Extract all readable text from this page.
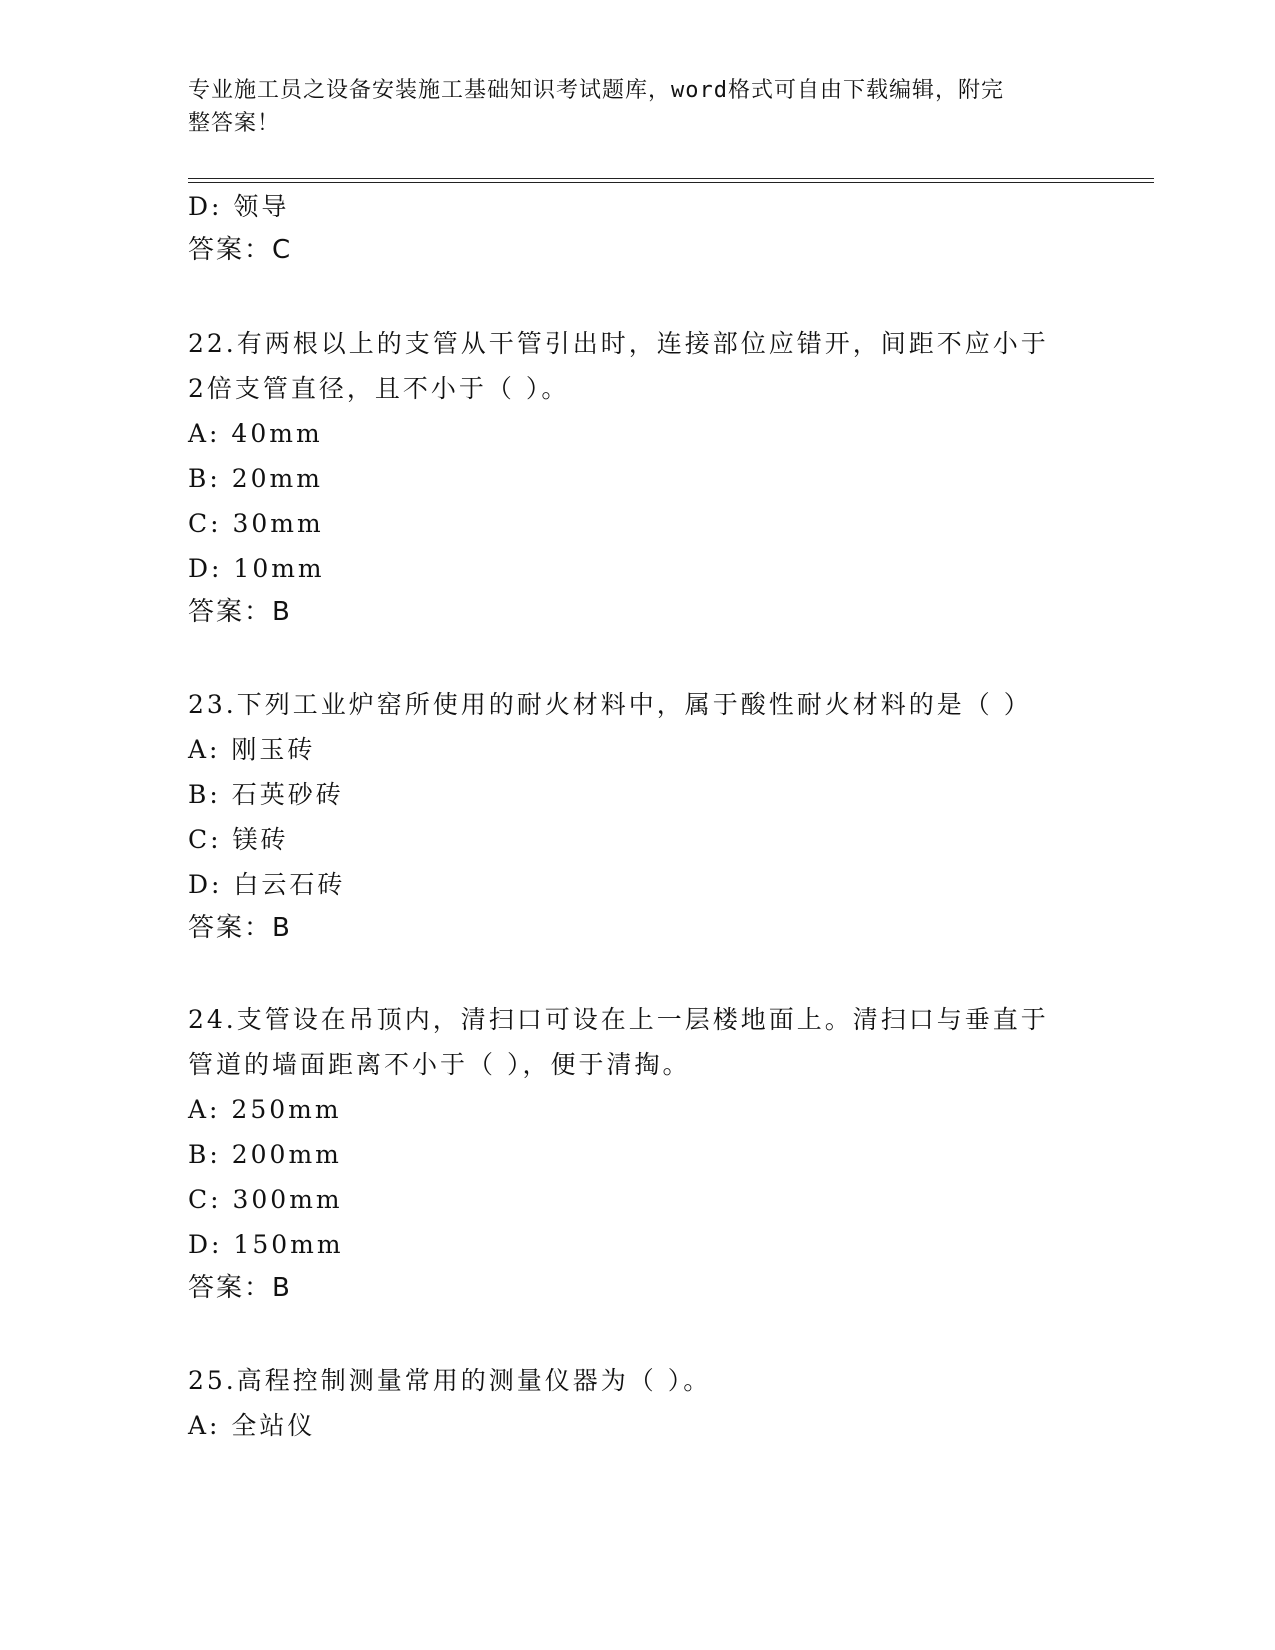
专业施工员之设备安装施工基础知识考试题库，word格式可自由下载编辑，附完
整答案！
D: 领导
答案：C
22.有两根以上的支管从干管引出时，连接部位应错开，间距不应小于
2倍支管直径，且不小于（ ）。
A: 40mm
B: 20mm
C: 30mm
D: 10mm
答案：B
23.下列工业炉窑所使用的耐火材料中，属于酸性耐火材料的是（ ）
A: 刚玉砖
B: 石英砂砖
C: 镁砖
D: 白云石砖
答案：B
24.支管设在吊顶内，清扫口可设在上一层楼地面上。清扫口与垂直于
管道的墙面距离不小于（ ），便于清掏。
A: 250mm
B: 200mm
C: 300mm
D: 150mm
答案：B
25.高程控制测量常用的测量仪器为（ ）。
A: 全站仪
